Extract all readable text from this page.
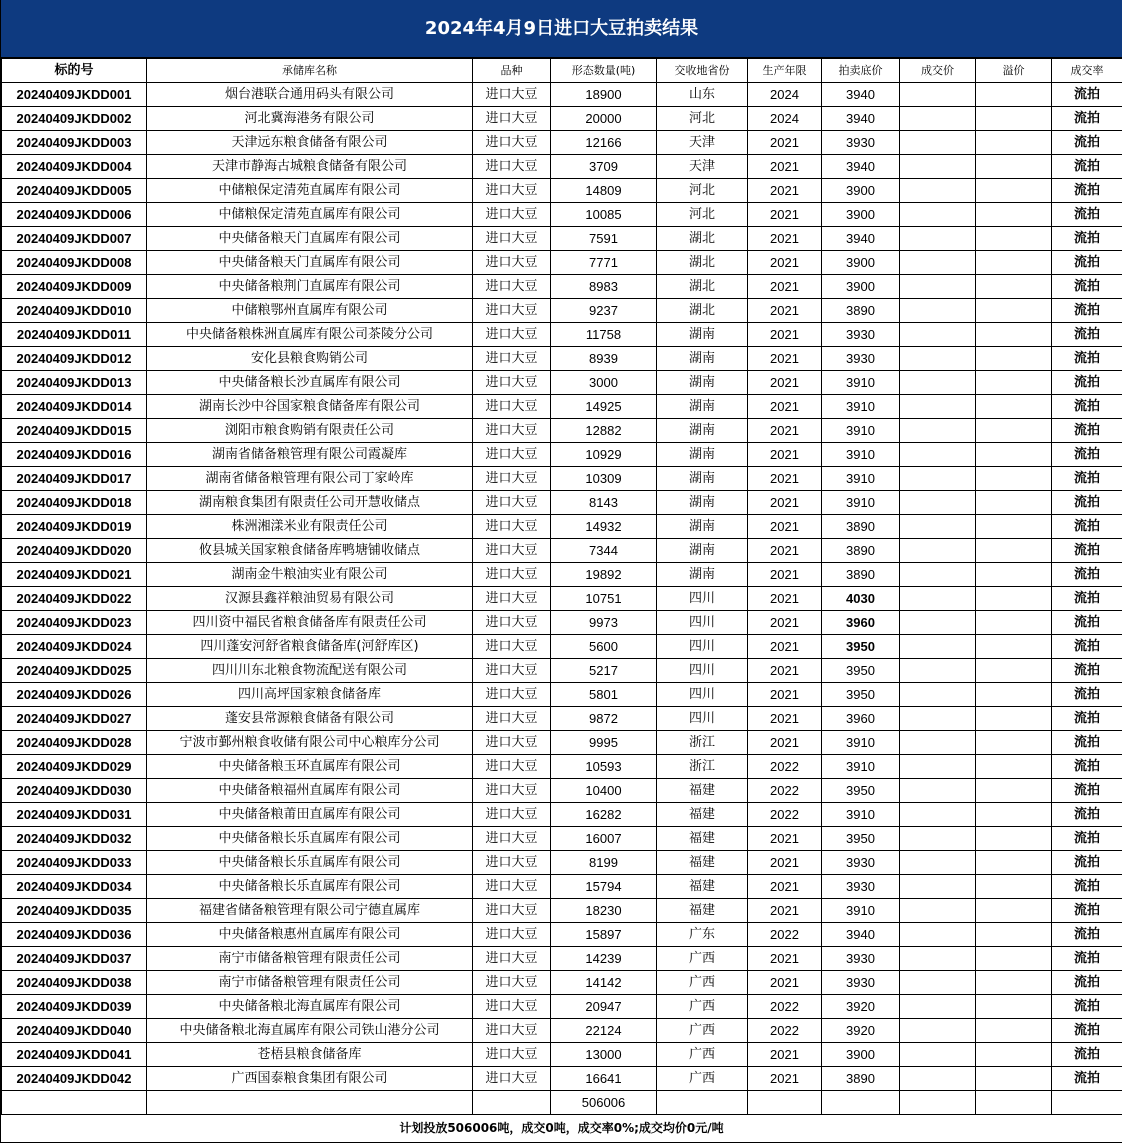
2024年4月9日进口大豆拍卖结果
标的号	承储库名称	品种	形态数量(吨)	交收地省份	生产年限	拍卖底价	成交价	溢价	成交率
20240409JKDD001	烟台港联合通用码头有限公司	进口大豆	18900	山东	2024	3940			流拍
20240409JKDD002	河北冀海港务有限公司	进口大豆	20000	河北	2024	3940			流拍
20240409JKDD003	天津远东粮食储备有限公司	进口大豆	12166	天津	2021	3930			流拍
20240409JKDD004	天津市静海古城粮食储备有限公司	进口大豆	3709	天津	2021	3940			流拍
20240409JKDD005	中储粮保定清苑直属库有限公司	进口大豆	14809	河北	2021	3900			流拍
20240409JKDD006	中储粮保定清苑直属库有限公司	进口大豆	10085	河北	2021	3900			流拍
20240409JKDD007	中央储备粮天门直属库有限公司	进口大豆	7591	湖北	2021	3940			流拍
20240409JKDD008	中央储备粮天门直属库有限公司	进口大豆	7771	湖北	2021	3900			流拍
20240409JKDD009	中央储备粮荆门直属库有限公司	进口大豆	8983	湖北	2021	3900			流拍
20240409JKDD010	中储粮鄂州直属库有限公司	进口大豆	9237	湖北	2021	3890			流拍
20240409JKDD011	中央储备粮株洲直属库有限公司茶陵分公司	进口大豆	11758	湖南	2021	3930			流拍
20240409JKDD012	安化县粮食购销公司	进口大豆	8939	湖南	2021	3930			流拍
20240409JKDD013	中央储备粮长沙直属库有限公司	进口大豆	3000	湖南	2021	3910			流拍
20240409JKDD014	湖南长沙中谷国家粮食储备库有限公司	进口大豆	14925	湖南	2021	3910			流拍
20240409JKDD015	浏阳市粮食购销有限责任公司	进口大豆	12882	湖南	2021	3910			流拍
20240409JKDD016	湖南省储备粮管理有限公司霞凝库	进口大豆	10929	湖南	2021	3910			流拍
20240409JKDD017	湖南省储备粮管理有限公司丁家岭库	进口大豆	10309	湖南	2021	3910			流拍
20240409JKDD018	湖南粮食集团有限责任公司开慧收储点	进口大豆	8143	湖南	2021	3910			流拍
20240409JKDD019	株洲湘漾米业有限责任公司	进口大豆	14932	湖南	2021	3890			流拍
20240409JKDD020	攸县城关国家粮食储备库鸭塘铺收储点	进口大豆	7344	湖南	2021	3890			流拍
20240409JKDD021	湖南金牛粮油实业有限公司	进口大豆	19892	湖南	2021	3890			流拍
20240409JKDD022	汉源县鑫祥粮油贸易有限公司	进口大豆	10751	四川	2021	4030			流拍
20240409JKDD023	四川资中福民省粮食储备库有限责任公司	进口大豆	9973	四川	2021	3960			流拍
20240409JKDD024	四川蓬安河舒省粮食储备库(河舒库区)	进口大豆	5600	四川	2021	3950			流拍
20240409JKDD025	四川川东北粮食物流配送有限公司	进口大豆	5217	四川	2021	3950			流拍
20240409JKDD026	四川高坪国家粮食储备库	进口大豆	5801	四川	2021	3950			流拍
20240409JKDD027	蓬安县常源粮食储备有限公司	进口大豆	9872	四川	2021	3960			流拍
20240409JKDD028	宁波市鄞州粮食收储有限公司中心粮库分公司	进口大豆	9995	浙江	2021	3910			流拍
20240409JKDD029	中央储备粮玉环直属库有限公司	进口大豆	10593	浙江	2022	3910			流拍
20240409JKDD030	中央储备粮福州直属库有限公司	进口大豆	10400	福建	2022	3950			流拍
20240409JKDD031	中央储备粮莆田直属库有限公司	进口大豆	16282	福建	2022	3910			流拍
20240409JKDD032	中央储备粮长乐直属库有限公司	进口大豆	16007	福建	2021	3950			流拍
20240409JKDD033	中央储备粮长乐直属库有限公司	进口大豆	8199	福建	2021	3930			流拍
20240409JKDD034	中央储备粮长乐直属库有限公司	进口大豆	15794	福建	2021	3930			流拍
20240409JKDD035	福建省储备粮管理有限公司宁德直属库	进口大豆	18230	福建	2021	3910			流拍
20240409JKDD036	中央储备粮惠州直属库有限公司	进口大豆	15897	广东	2022	3940			流拍
20240409JKDD037	南宁市储备粮管理有限责任公司	进口大豆	14239	广西	2021	3930			流拍
20240409JKDD038	南宁市储备粮管理有限责任公司	进口大豆	14142	广西	2021	3930			流拍
20240409JKDD039	中央储备粮北海直属库有限公司	进口大豆	20947	广西	2022	3920			流拍
20240409JKDD040	中央储备粮北海直属库有限公司铁山港分公司	进口大豆	22124	广西	2022	3920			流拍
20240409JKDD041	苍梧县粮食储备库	进口大豆	13000	广西	2021	3900			流拍
20240409JKDD042	广西国泰粮食集团有限公司	进口大豆	16641	广西	2021	3890			流拍
			506006						
计划投放506006吨，成交0吨，成交率0%;成交均价0元/吨
